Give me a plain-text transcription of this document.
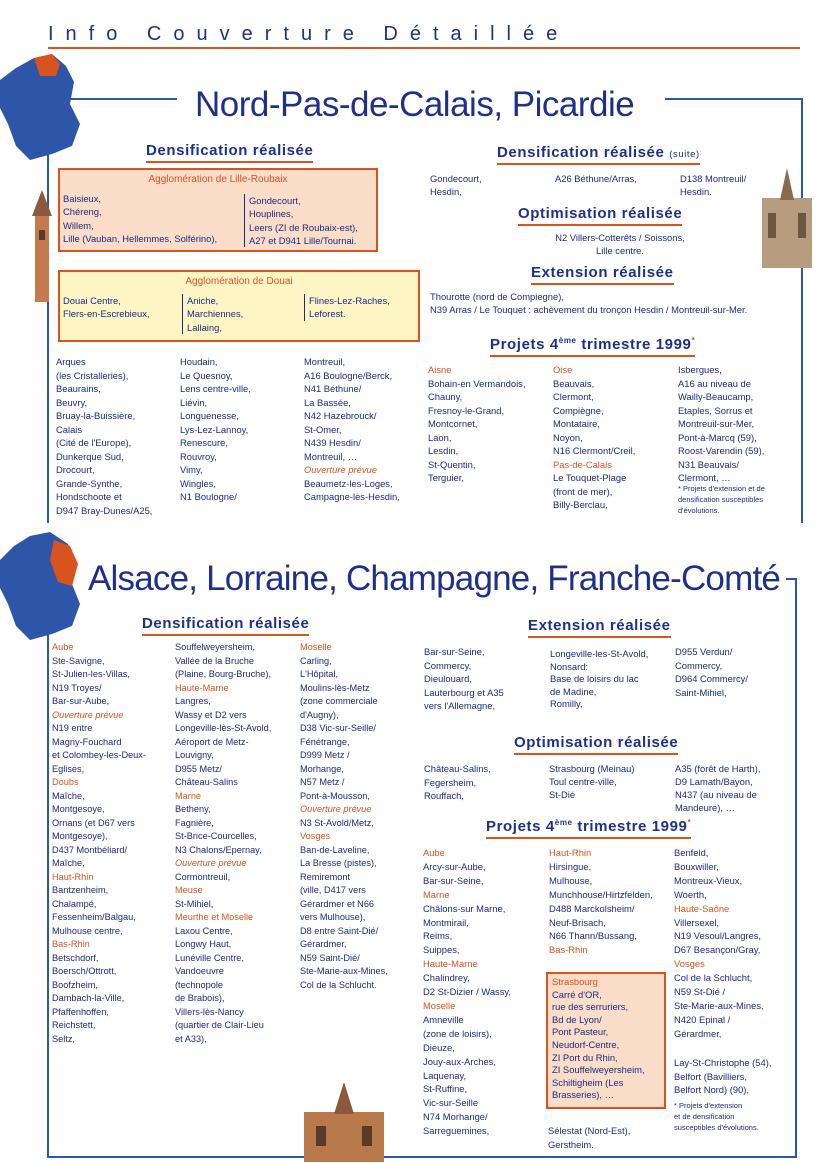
Info Couverture Détaillée
Nord-Pas-de-Calais, Picardie
Densification réalisée
Agglomération de Lille-Roubaix
Baisieux,
Chéreng,
Willem,
Lille (Vauban, Hellemmes, Solférino),
Gondecourt,
Houplines,
Leers (ZI de Roubaix-est),
A27 et D941 Lille/Tournai.
Agglomération de Douai
Douai Centre,
Flers-en-Escrebieux,
Aniche,
Marchiennes,
Lallaing,
Flines-Lez-Raches,
Leforest.
Arques
(les Cristalleries),
Beaurains,
Beuvry,
Bruay-la-Buissière,
Calais
(Cité de l'Europe),
Dunkerque Sud,
Drocourt,
Grande-Synthe,
Hondschoote et
D947 Bray-Dunes/A25,
Houdain,
Le Quesnoy,
Lens centre-ville,
Liévin,
Longuenesse,
Lys-Lez-Lannoy,
Renescure,
Rouvroy,
Vimy,
Wingles,
N1 Boulogne/
Montreuil,
A16 Boulogne/Berck,
N41 Béthune/
La Bassée,
N42 Hazebrouck/
St-Omer,
N439 Hesdin/
Montreuil, …
Ouverture prévue
Beaumetz-les-Loges,
Campagne-lès-Hesdin,
Densification réalisée (suite)
Gondecourt,
Hesdin,
A26 Béthune/Arras,	D138 Montreuil/
Hesdin.
Optimisation réalisée
N2 Villers-Cotterêts / Soissons,
Lille centre.
Extension réalisée
Thourotte (nord de Compiegne),
N39 Arras / Le Touquet : achèvement du tronçon Hesdin / Montreuil-sur-Mer.
Projets 4ème trimestre 1999*
Aisne
Bohain-en Vermandois,
Chauny,
Fresnoy-le-Grand,
Montcornet,
Laon,
Lesdin,
St-Quentin,
Terguier,
Oise
Beauvais,
Clermont,
Compiègne,
Montataire,
Noyon,
N16 Clermont/Creil,
Pas-de-Calais
Le Touquet-Plage
(front de mer),
Billy-Berclau,
Isbergues,
A16 au niveau de
Wailly-Beaucamp,
Etaples, Sorrus et
Montreuil-sur-Mer,
Pont-à-Marcq (59),
Roost-Varendin (59),
N31 Beauvais/
Clermont, …
* Projets d'extension et de
densification susceptibles
d'évolutions.
Alsace, Lorraine, Champagne, Franche-Comté
Densification réalisée
Aube
Ste-Savigne,
St-Julien-les-Villas,
N19 Troyes/
Bar-sur-Aube,
Ouverture prévue
N19 entre
Magny-Fouchard
et Colombey-les-Deux-
Eglises,
Doubs
Maîche,
Montgesoye,
Ornans (et D67 vers
Montgesoye),
D437 Montbéliard/
Maîche,
Haut-Rhin
Bantzenheim,
Chalampé,
Fessenheim/Balgau,
Mulhouse centre,
Bas-Rhin
Betschdorf,
Boersch/Ottrott,
Boofzheim,
Dambach-la-Ville,
Pfaffenhoffen,
Reichstett,
Seltz,
Souffelweyersheim,
Vallée de la Bruche
(Plaine, Bourg-Bruche),
Haute-Marne
Langres,
Wassy et D2 vers
Longeville-lès-St-Avold,
Aéroport de Metz-
Louvigny,
D955 Metz/
Château-Salins
Marne
Betheny,
Fagnière,
St-Brice-Courcelles,
N3 Chalons/Epernay,
Ouverture prévue
Cormontreuil,
Meuse
St-Mihiel,
Meurthe et Moselle
Laxou Centre,
Longwy Haut,
Lunéville Centre,
Vandoeuvre
(technopole
de Brabois),
Villers-lès-Nancy
(quartier de Clair-Lieu
et A33),
Moselle
Carling,
L'Hôpital,
Moulins-lès-Metz
(zone commerciale
d'Augny),
D38 Vic-sur-Seille/
Fénétrange,
D999 Metz /
Morhange,
N57 Metz /
Pont-à-Mousson,
Ouverture prévue
N3 St-Avold/Metz,
Vosges
Ban-de-Laveline,
La Bresse (pistes),
Remiremont
(ville, D417 vers
Gérardmer et N66
vers Mulhouse),
D8 entre Saint-Dié/
Gérardmer,
N59 Saint-Dié/
Ste-Marie-aux-Mines,
Col de la Schlucht.
Extension réalisée
Bar-sur-Seine,
Commercy,
Dieulouard,
Lauterbourg et A35
vers l'Allemagne,
Longeville-les-St-Avold,
Nonsard:
Base de loisirs du lac
de Madine,
Romilly,
D955 Verdun/
Commercy,
D964 Commercy/
Saint-Mihiel,
Optimisation réalisée
Château-Salins,
Fegersheim,
Rouffach,
Strasbourg (Meinau)
Toul centre-ville,
St-Dié
A35 (forêt de Harth),
D9 Lamath/Bayon,
N437 (au niveau de
Mandeure), …
Projets 4ème trimestre 1999*
Aube
Arcy-sur-Aube,
Bar-sur-Seine,
Marne
Châlons-sur Marne,
Montmirail,
Reims,
Suippes,
Haute-Marne
Chalindrey,
D2 St-Dizier / Wassy,
Moselle
Amneville
(zone de loisirs),
Dieuze,
Jouy-aux-Arches,
Laquenay,
St-Ruffine,
Vic-sur-Seille
N74 Morhange/
Sarreguemines,
Haut-Rhin
Hirsingue,
Mulhouse,
Munchhouse/Hirtzfelden,
D488 Marckolsheim/
Neuf-Brisach,
N66 Thann/Bussang,
Bas-Rhin
Strasbourg
Carré d'OR,
rue des serruriers,
Bd de Lyon/
Pont Pasteur,
Neudorf-Centre,
ZI Port du Rhin,
ZI Souffelweyersheim,
Schiltigheim (Les
Brasseries), …
Sélestat (Nord-Est),
Gerstheim.
Benfeld,
Bouxwiller,
Montreux-Vieux,
Woerth,
Haute-Saône
Villersexel,
N19 Vesoul/Langres,
D67 Besançon/Gray,
Vosges
Col de la Schlucht,
N59 St-Dié /
Ste-Marie-aux-Mines,
N420 Epinal /
Gérardmer,
Lay-St-Christophe (54),
Belfort (Bavilliers,
Belfort Nord) (90),
* Projets d'extension
et de densification
susceptibles d'évolutions.
